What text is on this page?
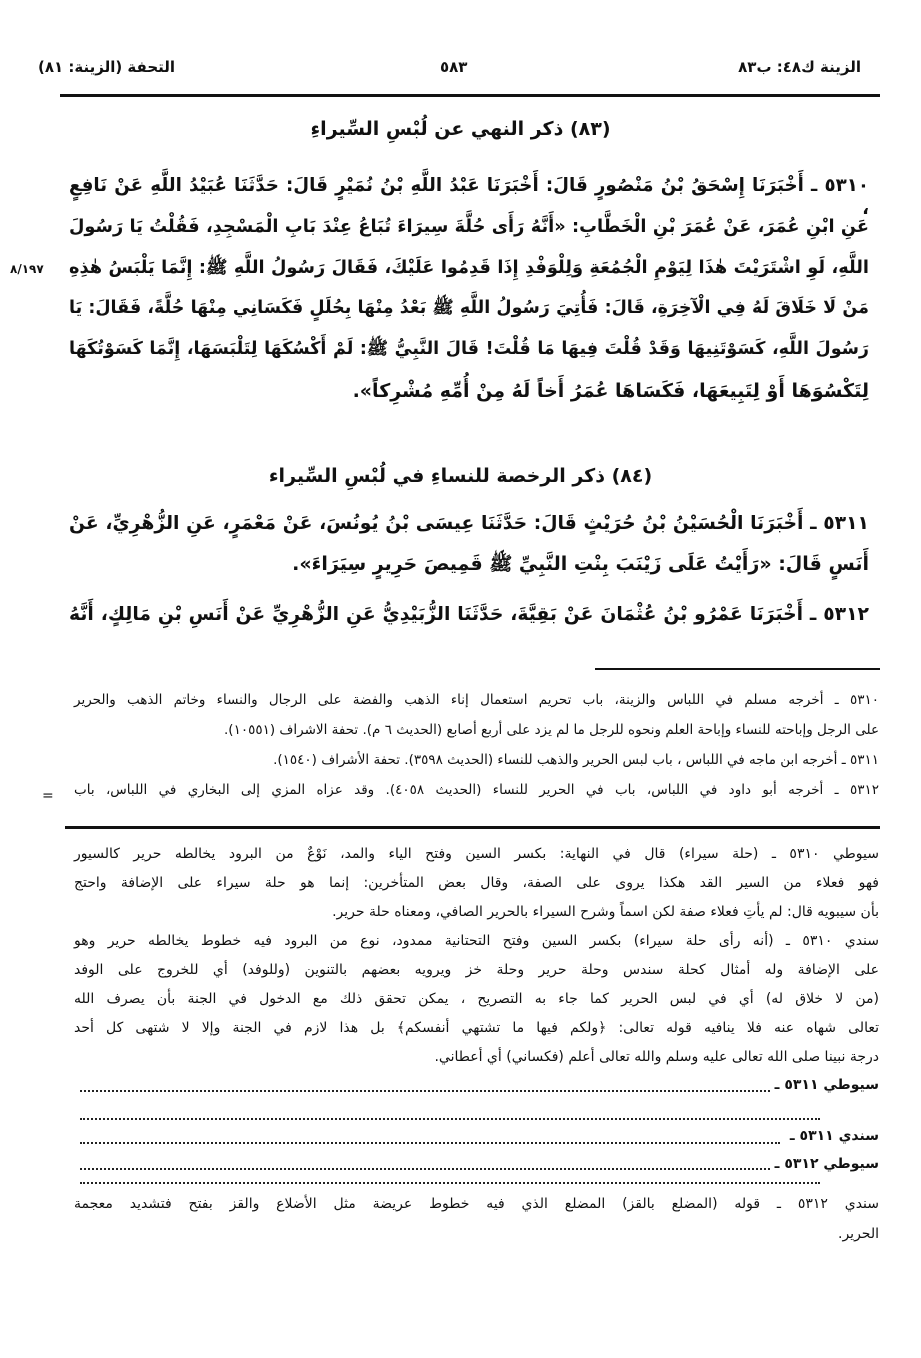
الزينة ك٤٨: ب٨٣
٥٨٣
التحفة (الزينة: ٨١)
(٨٣) ذكر النهي عن لُبْسِ السِّيراءِ
٥٣١٠ ـ أَخْبَرَنَا إِسْحَقُ بْنُ مَنْصُورٍ قَالَ: أَخْبَرَنَا عَبْدُ اللَّهِ بْنُ نُمَيْرٍ قَالَ: حَدَّثَنَا عُبَيْدُ اللَّهِ عَنْ نَافِعٍ ،
عَنِ ابْنِ عُمَرَ، عَنْ عُمَرَ بْنِ الْخَطَّابِ: «أَنَّهُ رَأَى حُلَّةَ سِيرَاءَ تُبَاعُ عِنْدَ بَابِ الْمَسْجِدِ، فَقُلْتُ يَا رَسُولَ
اللَّهِ، لَوِ اشْتَرَيْتَ هٰذَا لِيَوْمِ الْجُمُعَةِ وَلِلْوَفْدِ إِذَا قَدِمُوا عَلَيْكَ، فَقَالَ رَسُولُ اللَّهِ ﷺ: إِنَّمَا يَلْبَسُ هٰذِهِ
مَنْ لَا خَلَاقَ لَهُ فِي الْآخِرَةِ، قَالَ: فَأُتِيَ رَسُولُ اللَّهِ ﷺ بَعْدُ مِنْهَا بِحُلَلٍ فَكَسَانِي مِنْهَا حُلَّةً، فَقَالَ: يَا
رَسُولَ اللَّهِ، كَسَوْتَنِيهَا وَقَدْ قُلْتَ فِيهَا مَا قُلْتَ! قَالَ النَّبِيُّ ﷺ: لَمْ أَكْسُكَهَا لِتَلْبَسَهَا، إِنَّمَا كَسَوْتُكَهَا
لِتَكْسُوَهَا أَوْ لِتَبِيعَهَا، فَكَسَاهَا عُمَرُ أَخاً لَهُ مِنْ أُمِّهِ مُشْرِكاً».
٨/١٩٧
(٨٤) ذكر الرخصة للنساءِ في لُبْسِ السِّيراء
٥٣١١ ـ أَخْبَرَنَا الْحُسَيْنُ بْنُ حُرَيْثٍ قَالَ: حَدَّثَنَا عِيسَى بْنُ يُونُسَ، عَنْ مَعْمَرٍ، عَنِ الزُّهْرِيِّ، عَنْ
أَنَسٍ قَالَ: «رَأَيْتُ عَلَى زَيْنَبَ بِنْتِ النَّبِيِّ ﷺ قَمِيصَ حَرِيرٍ سِيَرَاءَ».
٥٣١٢ ـ أَخْبَرَنَا عَمْرُو بْنُ عُثْمَانَ عَنْ بَقِيَّةَ، حَدَّثَنَا الزُّبَيْدِيُّ عَنِ الزُّهْرِيِّ عَنْ أَنَسِ بْنِ مَالِكٍ، أَنَّهُ
٥٣١٠ ـ أخرجه مسلم في اللباس والزينة، باب تحريم استعمال إناء الذهب والفضة على الرجال والنساء وخاتم الذهب والحرير
على الرجل وإباحته للنساء وإباحة العلم ونحوه للرجل ما لم يزد على أربع أصابع (الحديث ٦ م). تحفة الاشراف (١٠٥٥١).
٥٣١١ ـ أخرجه ابن ماجه في اللباس ، باب لبس الحرير والذهب للنساء (الحديث ٣٥٩٨). تحفة الأشراف (١٥٤٠).
٥٣١٢ ـ أخرجه أبو داود في اللباس، باب في الحرير للنساء (الحديث ٤٠٥٨). وقد عزاه المزي إلى البخاري في اللباس، باب
=
سيوطي ٥٣١٠ ـ (حلة سيراء) قال في النهاية: بكسر السين وفتح الياء والمد، نَوْعٌ من البرود يخالطه حرير كالسيور
فهو فعلاء من السير القد هكذا يروى على الصفة، وقال بعض المتأخرين: إنما هو حلة سيراء على الإضافة واحتج
بأن سيبويه قال: لم يأتِ فعلاء صفة لكن اسماً وشرح السيراء بالحرير الصافي، ومعناه حلة حرير.
سندي ٥٣١٠ ـ (أنه رأى حلة سيراء) بكسر السين وفتح التحتانية ممدود، نوع من البرود فيه خطوط يخالطه حرير وهو
على الإضافة وله أمثال كحلة سندس وحلة حرير وحلة خز ويرويه بعضهم بالتنوين (وللوفد) أي للخروج على الوفد
(من لا خلاق له) أي في لبس الحرير كما جاء به التصريح ، يمكن تحقق ذلك مع الدخول في الجنة بأن يصرف الله
تعالى شهاه عنه فلا ينافيه قوله تعالى: ﴿ولكم فيها ما تشتهي أنفسكم﴾ بل هذا لازم في الجنة وإلا لا شتهى كل أحد
درجة نبينا صلى الله تعالى عليه وسلم والله تعالى أعلم (فكساني) أي أعطاني.
سيوطي ٥٣١١ ـ
سندي ٥٣١١ ـ
سيوطي ٥٣١٢ ـ
سندي ٥٣١٢ ـ قوله (المضلع بالقز) المضلع الذي فيه خطوط عريضة مثل الأضلاع والقز بفتح فتشديد معجمة
الحرير.
